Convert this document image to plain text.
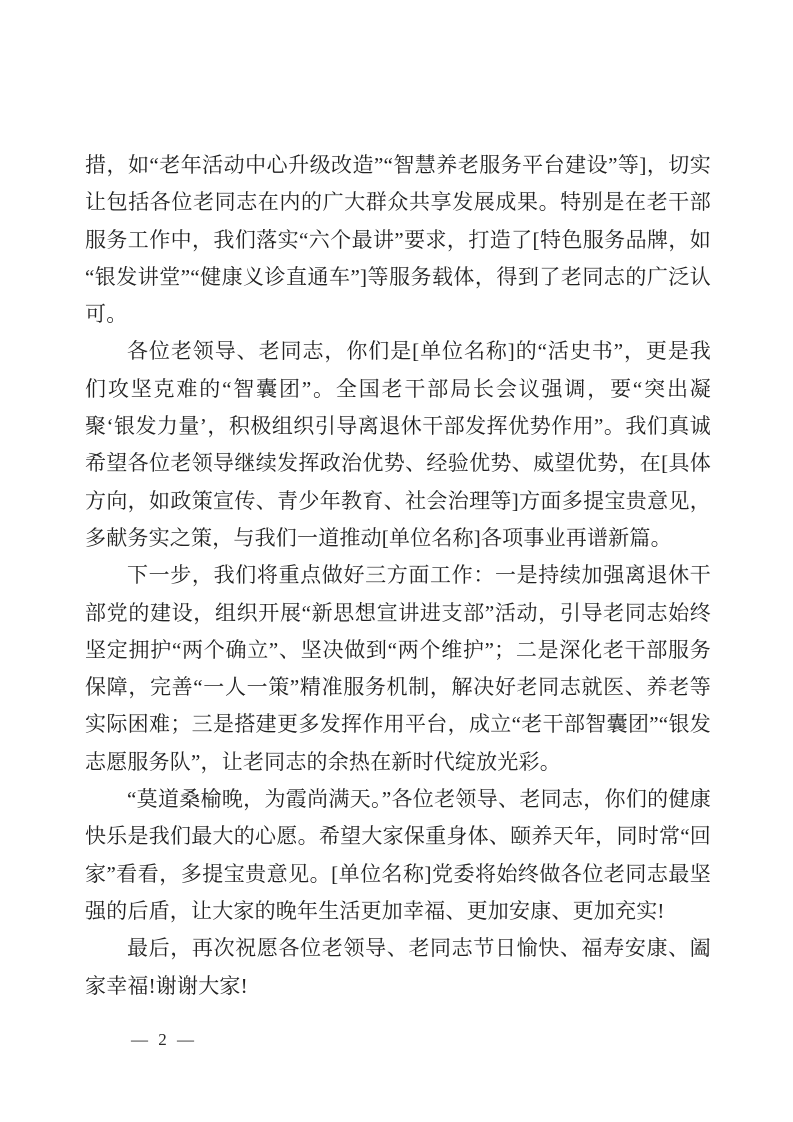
措，如“老年活动中心升级改造”“智慧养老服务平台建设”等]，切实让包括各位老同志在内的广大群众共享发展成果。特别是在老干部服务工作中，我们落实“六个最讲”要求，打造了[特色服务品牌，如“银发讲堂”“健康义诊直通车”]等服务载体，得到了老同志的广泛认可。

各位老领导、老同志，你们是[单位名称]的“活史书”，更是我们攻坚克难的“智囊团”。全国老干部局长会议强调，要“突出凝聚‘银发力量’，积极组织引导离退休干部发挥优势作用”。我们真诚希望各位老领导继续发挥政治优势、经验优势、威望优势，在[具体方向，如政策宣传、青少年教育、社会治理等]方面多提宝贵意见，多献务实之策，与我们一道推动[单位名称]各项事业再谱新篇。

下一步，我们将重点做好三方面工作：一是持续加强离退休干部党的建设，组织开展“新思想宣讲进支部”活动，引导老同志始终坚定拥护“两个确立”、坚决做到“两个维护”；二是深化老干部服务保障，完善“一人一策”精准服务机制，解决好老同志就医、养老等实际困难；三是搭建更多发挥作用平台，成立“老干部智囊团”“银发志愿服务队”，让老同志的余热在新时代绽放光彩。

“莫道桑榆晚，为霞尚满天。”各位老领导、老同志，你们的健康快乐是我们最大的心愿。希望大家保重身体、颐养天年，同时常“回家”看看，多提宝贵意见。[单位名称]党委将始终做各位老同志最坚强的后盾，让大家的晚年生活更加幸福、更加安康、更加充实!

最后，再次祝愿各位老领导、老同志节日愉快、福寿安康、阖家幸福!谢谢大家!

— 2 —
